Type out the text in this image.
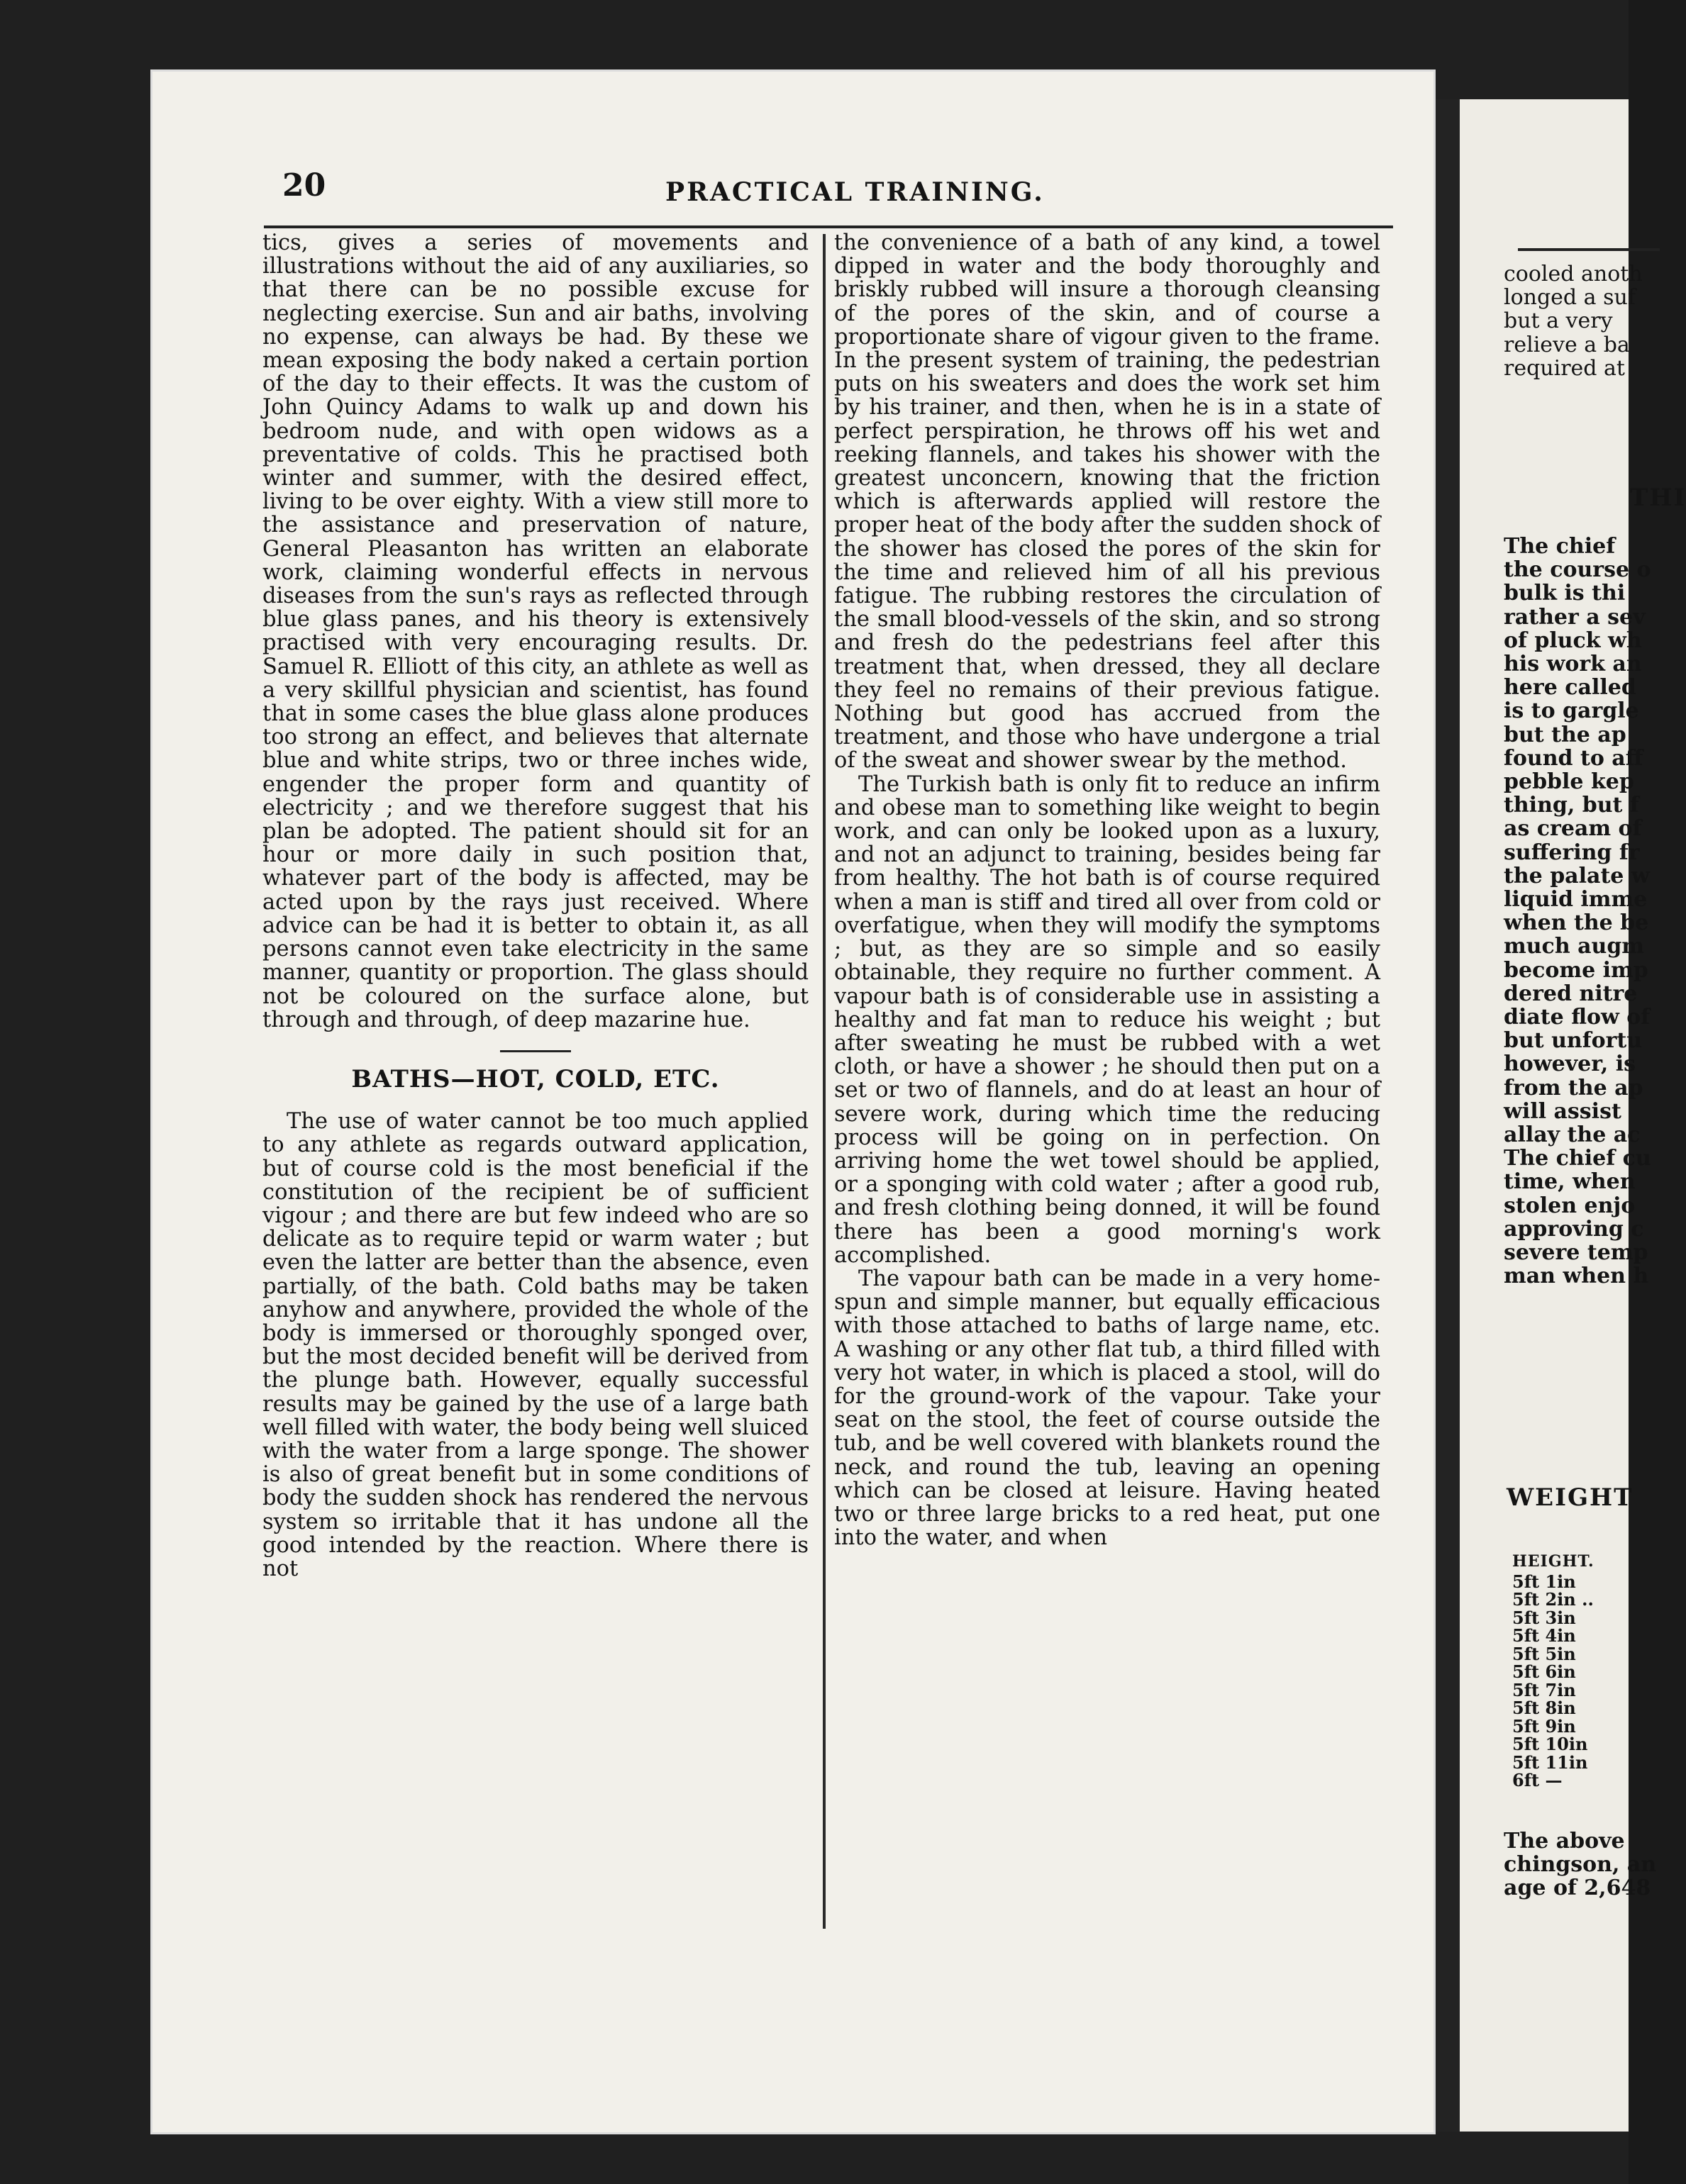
20	PRACTICAL TRAINING.

tics, gives a series of movements and illustrations without the aid of any auxiliaries, so that there can be no possible excuse for neglecting exercise. Sun and air baths, involving no expense, can always be had. By these we mean exposing the body naked a certain portion of the day to their effects. It was the custom of John Quincy Adams to walk up and down his bedroom nude, and with open widows as a preventative of colds. This he practised both winter and summer, with the desired effect, living to be over eighty. With a view still more to the assistance and preservation of nature, General Pleasanton has written an elaborate work, claiming wonderful effects in nervous diseases from the sun's rays as reflected through blue glass panes, and his theory is extensively practised with very encouraging results. Dr. Samuel R. Elliott of this city, an athlete as well as a very skillful physician and scientist, has found that in some cases the blue glass alone produces too strong an effect, and believes that alternate blue and white strips, two or three inches wide, engender the proper form and quantity of electricity ; and we therefore suggest that his plan be adopted. The patient should sit for an hour or more daily in such position that, whatever part of the body is affected, may be acted upon by the rays just received. Where advice can be had it is better to obtain it, as all persons cannot even take electricity in the same manner, quantity or proportion. The glass should not be coloured on the surface alone, but through and through, of deep mazarine hue.

BATHS—HOT, COLD, ETC.

The use of water cannot be too much applied to any athlete as regards outward application, but of course cold is the most beneficial if the constitution of the recipient be of sufficient vigour ; and there are but few indeed who are so delicate as to require tepid or warm water ; but even the latter are better than the absence, even partially, of the bath. Cold baths may be taken anyhow and anywhere, provided the whole of the body is immersed or thoroughly sponged over, but the most decided benefit will be derived from the plunge bath. However, equally successful results may be gained by the use of a large bath well filled with water, the body being well sluiced with the water from a large sponge. The shower is also of great benefit but in some conditions of body the sudden shock has rendered the nervous system so irritable that it has undone all the good intended by the reaction. Where there is not

the convenience of a bath of any kind, a towel dipped in water and the body thoroughly and briskly rubbed will insure a thorough cleansing of the pores of the skin, and of course a proportionate share of vigour given to the frame. In the present system of training, the pedestrian puts on his sweaters and does the work set him by his trainer, and then, when he is in a state of perfect perspiration, he throws off his wet and reeking flannels, and takes his shower with the greatest unconcern, knowing that the friction which is afterwards applied will restore the proper heat of the body after the sudden shock of the shower has closed the pores of the skin for the time and relieved him of all his previous fatigue. The rubbing restores the circulation of the small blood-vessels of the skin, and so strong and fresh do the pedestrians feel after this treatment that, when dressed, they all declare they feel no remains of their previous fatigue. Nothing but good has accrued from the treatment, and those who have undergone a trial of the sweat and shower swear by the method.

The Turkish bath is only fit to reduce an infirm and obese man to something like weight to begin work, and can only be looked upon as a luxury, and not an adjunct to training, besides being far from healthy. The hot bath is of course required when a man is stiff and tired all over from cold or overfatigue, when they will modify the symptoms ; but, as they are so simple and so easily obtainable, they require no further comment. A vapour bath is of considerable use in assisting a healthy and fat man to reduce his weight ; but after sweating he must be rubbed with a wet cloth, or have a shower ; he should then put on a set or two of flannels, and do at least an hour of severe work, during which time the reducing process will be going on in perfection. On arriving home the wet towel should be applied, or a sponging with cold water ; after a good rub, and fresh clothing being donned, it will be found there has been a good morning's work accomplished.

The vapour bath can be made in a very home-spun and simple manner, but equally efficacious with those attached to baths of large name, etc. A washing or any other flat tub, a third filled with very hot water, in which is placed a stool, will do for the ground-work of the vapour. Take your seat on the stool, the feet of course outside the tub, and be well covered with blankets round the neck, and round the tub, leaving an opening which can be closed at leisure. Having heated two or three large bricks to a red heat, put one into the water, and when

cooled anoth
longed a suf
but a very
relieve a ba
required at
THI
The chief
the course o
bulk is thi
rather a sev
of pluck wh
his work an
here called
is to gargle
but the ap
found to aff
pebble kep
thing, but f
as cream of
suffering fr
the palate w
liquid imme
when the be
much augm
become imp
dered nitre
diate flow of
but unfortu
however, is
from the ap
will assist
allay the ac
The chief cu
time, when
stolen enjo
approving c
severe temp
man when h
WEIGHT
HEIGHT.
5ft 1in
5ft 2in ..
5ft 3in
5ft 4in
5ft 5in
5ft 6in
5ft 7in
5ft 8in
5ft 9in
5ft 10in
5ft 11in
6ft —
The above
chingson, an
age of 2,648
